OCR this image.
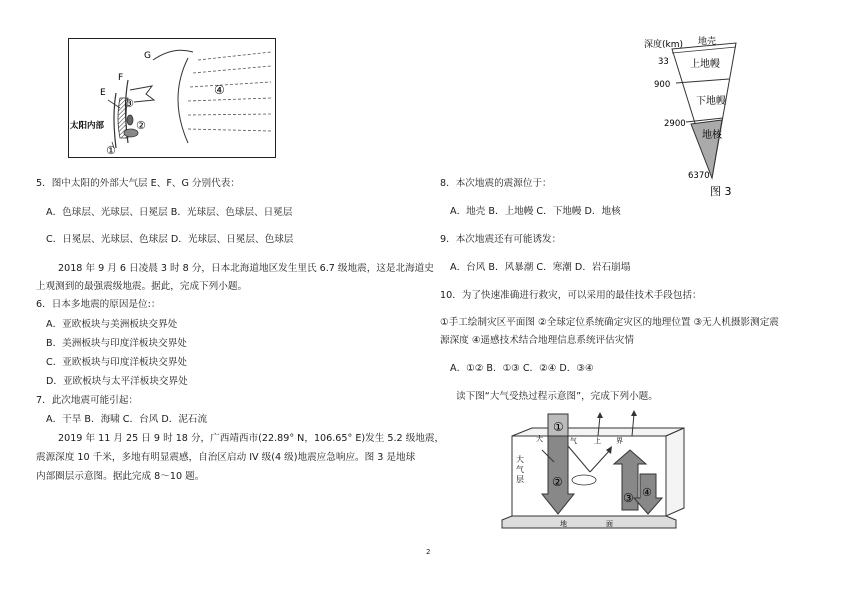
G
F
E
太阳内部
③
②
①
④
深度(km) 地壳
上地幔
下地幔
地核
33
900
2900
6370
图 3
5．图中太阳的外部大气层 E、F、G 分别代表：
A．色球层、光球层、日冕层 B．光球层、色球层、日冕层
C．日冕层、光球层、色球层 D．光球层、日冕层、色球层
2018 年 9 月 6 日凌晨 3 时 8 分，日本北海道地区发生里氏 6.7 级地震，这是北海道史
上观测到的最强震级地震。据此，完成下列小题。
6．日本多地震的原因是位:：
A．亚欧板块与美洲板块交界处
B．美洲板块与印度洋板块交界处
C．亚欧板块与印度洋板块交界处
D．亚欧板块与太平洋板块交界处
7．此次地震可能引起：
A．干旱 B．海啸 C．台风 D．泥石流
2019 年 11 月 25 日 9 时 18 分，广西靖西市(22.89° N，106.65° E)发生 5.2 级地震，
震源深度 10 千米，多地有明显震感，自治区启动 IV 级(4 级)地震应急响应。图 3 是地球
内部圈层示意图。据此完成 8～10 题。
8．本次地震的震源位于：
A．地壳 B．上地幔 C．下地幔 D．地核
9．本次地震还有可能诱发：
A．台风 B．风暴潮 C．寒潮 D．岩石崩塌
10．为了快速准确进行救灾，可以采用的最佳技术手段包括：
①手工绘制灾区平面图 ②全球定位系统确定灾区的地理位置 ③无人机摄影测定震
源深度 ④遥感技术结合地理信息系统评估灾情
A．①② B．①③ C．②④ D．③④
读下图“大气受热过程示意图”，完成下列小题。
①
②
③ ④
大
气
层
大	气 上 界
地	面
2
